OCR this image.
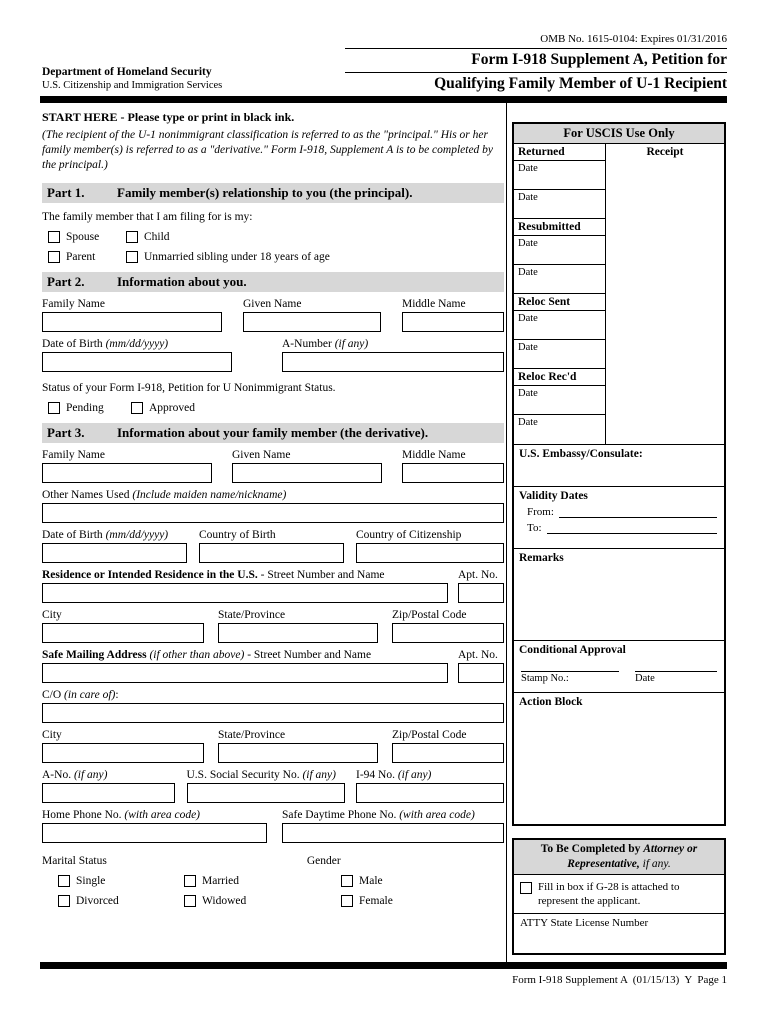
Department of Homeland Security
U.S. Citizenship and Immigration Services
OMB No. 1615-0104: Expires 01/31/2016
Form I-918 Supplement A, Petition for
Qualifying Family Member of U-1 Recipient
START HERE - Please type or print in black ink.
(The recipient of the U-1 nonimmigrant classification is referred to as the "principal." His or her family member(s) is referred to as a "derivative." Form I-918, Supplement A is to be completed by the principal.)
Part 1.	Family member(s) relationship to you (the principal).
The family member that I am filing for is my:
Spouse	Child
Parent	Unmarried sibling under 18 years of age
Part 2.	Information about you.
Family Name	Given Name	Middle Name
Date of Birth (mm/dd/yyyy)	A-Number (if any)
Status of your Form I-918, Petition for U Nonimmigrant Status.
Pending	Approved
Part 3.	Information about your family member (the derivative).
Family Name	Given Name	Middle Name
Other Names Used (Include maiden name/nickname)
Date of Birth (mm/dd/yyyy)	Country of Birth	Country of Citizenship
Residence or Intended Residence in the U.S. - Street Number and Name	Apt. No.
City	State/Province	Zip/Postal Code
Safe Mailing Address (if other than above) - Street Number and Name	Apt. No.
C/O (in care of):
City	State/Province	Zip/Postal Code
A-No. (if any)	U.S. Social Security No. (if any)	I-94 No. (if any)
Home Phone No. (with area code)	Safe Daytime Phone No. (with area code)
Marital Status	Gender
Single	Married	Male
Divorced	Widowed	Female
For USCIS Use Only
Returned
Date
Date
Resubmitted
Date
Date
Reloc Sent
Date
Date
Reloc Rec'd
Date
Date
Receipt
U.S. Embassy/Consulate:
Validity Dates
From:
To:
Remarks
Conditional Approval
Stamp No.:	Date
Action Block
To Be Completed by Attorney or Representative, if any.
Fill in box if G-28 is attached to represent the applicant.
ATTY State License Number
Form I-918 Supplement A  (01/15/13)  Y  Page 1
